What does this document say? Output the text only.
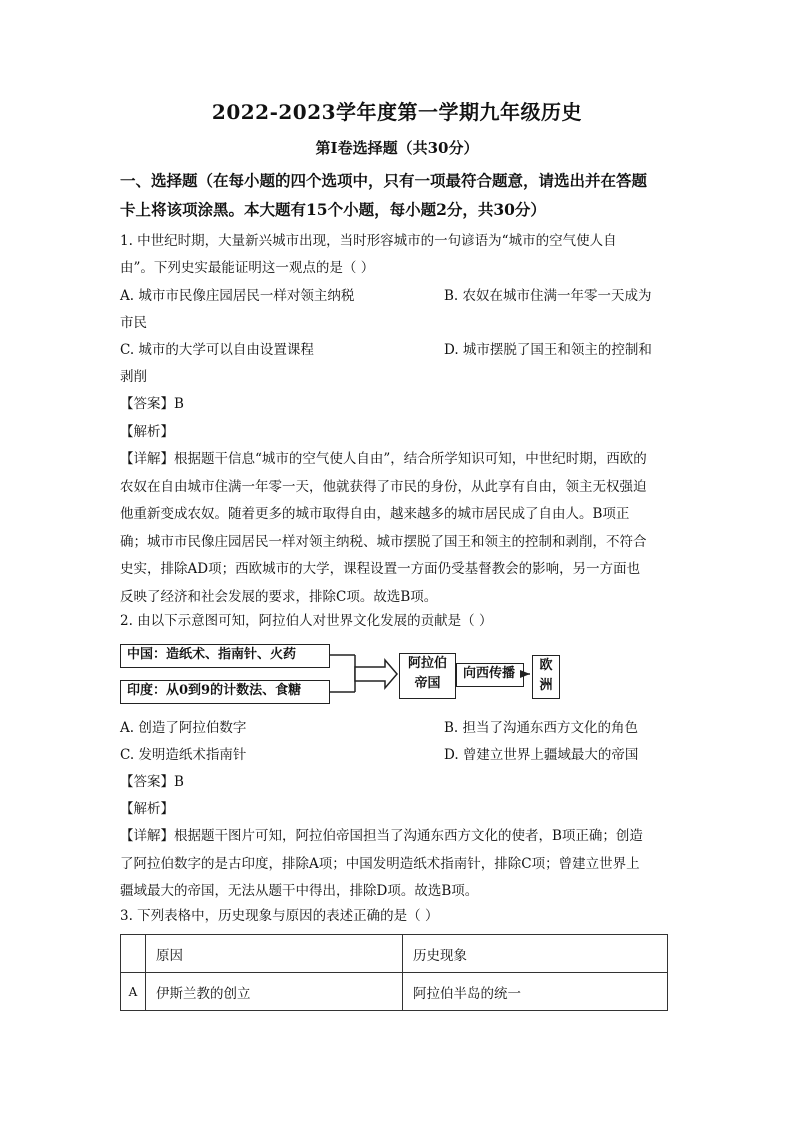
2022-2023学年度第一学期九年级历史
第Ⅰ卷选择题（共30分）
一、选择题（在每小题的四个选项中，只有一项最符合题意，请选出并在答题
卡上将该项涂黑。本大题有15个小题，每小题2分，共30分）
1. 中世纪时期，大量新兴城市出现，当时形容城市的一句谚语为“城市的空气使人自
由”。下列史实最能证明这一观点的是（ ）
A. 城市市民像庄园居民一样对领主纳税	B. 农奴在城市住满一年零一天成为
市民
C. 城市的大学可以自由设置课程	D. 城市摆脱了国王和领主的控制和
剥削
【答案】B
【解析】
【详解】根据题干信息“城市的空气使人自由”，结合所学知识可知，中世纪时期，西欧的
农奴在自由城市住满一年零一天，他就获得了市民的身份，从此享有自由，领主无权强迫
他重新变成农奴。随着更多的城市取得自由，越来越多的城市居民成了自由人。B项正
确；城市市民像庄园居民一样对领主纳税、城市摆脱了国王和领主的控制和剥削，不符合
史实，排除AD项；西欧城市的大学，课程设置一方面仍受基督教会的影响，另一方面也
反映了经济和社会发展的要求，排除C项。故选B项。
2. 由以下示意图可知，阿拉伯人对世界文化发展的贡献是（ ）
中国：造纸术、指南针、火药
印度：从0到9的计数法、食糖
阿拉伯
帝国
向西传播
欧
洲
A. 创造了阿拉伯数字	B. 担当了沟通东西方文化的角色
C. 发明造纸术指南针	D. 曾建立世界上疆域最大的帝国
【答案】B
【解析】
【详解】根据题干图片可知，阿拉伯帝国担当了沟通东西方文化的使者，B项正确；创造
了阿拉伯数字的是古印度，排除A项；中国发明造纸术指南针，排除C项；曾建立世界上
疆域最大的帝国，无法从题干中得出，排除D项。故选B项。
3. 下列表格中，历史现象与原因的表述正确的是（ ）
	原因	历史现象
A	伊斯兰教的创立	阿拉伯半岛的统一
